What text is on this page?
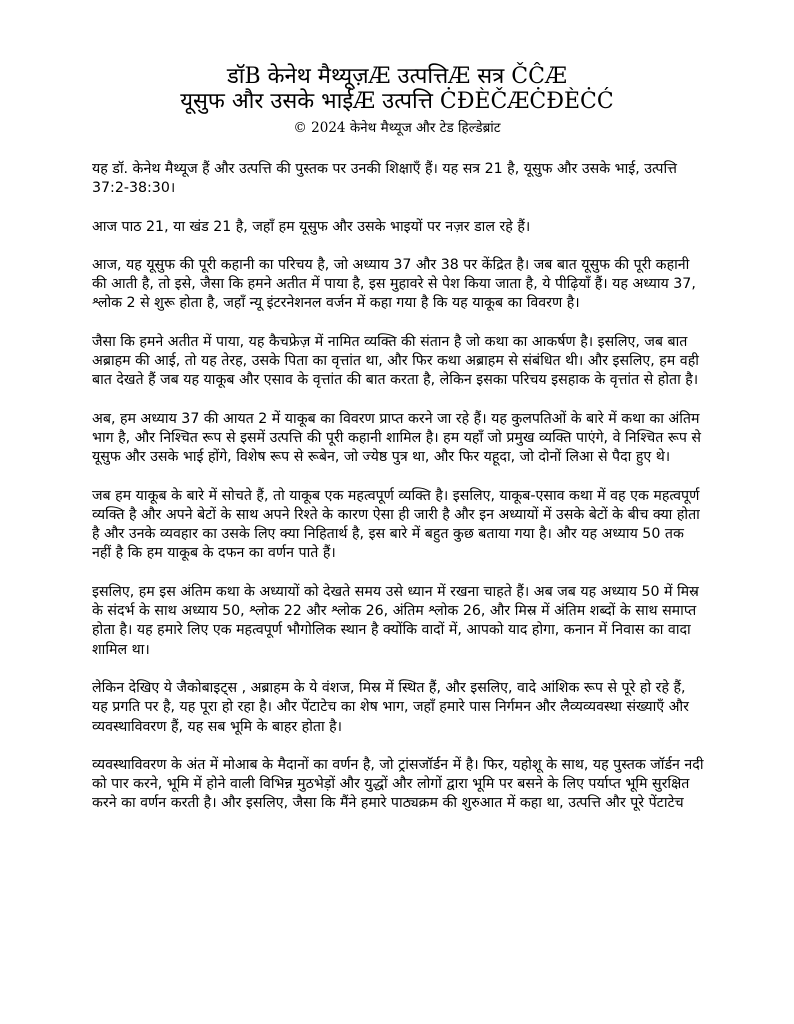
डॉB केनेथ मैथ्यूज़Æ उत्पत्तिÆ सत्र ČĈÆ
यूसुफ और उसके भाईÆ उत्पत्ति ĊĐÈČÆĊĐÈĊĆ
© 2024 केनेथ मैथ्यूज और टेड हिल्डेब्रांट

यह डॉ. केनेथ मैथ्यूज हैं और उत्पत्ति की पुस्तक पर उनकी शिक्षाएँ हैं। यह सत्र 21 है, यूसुफ और उसके भाई, उत्पत्ति 37:2-38:30।

आज पाठ 21, या खंड 21 है, जहाँ हम यूसुफ और उसके भाइयों पर नज़र डाल रहे हैं।

आज, यह यूसुफ की पूरी कहानी का परिचय है, जो अध्याय 37 और 38 पर केंद्रित है। जब बात यूसुफ की पूरी कहानी की आती है, तो इसे, जैसा कि हमने अतीत में पाया है, इस मुहावरे से पेश किया जाता है, ये पीढ़ियाँ हैं। यह अध्याय 37, श्लोक 2 से शुरू होता है, जहाँ न्यू इंटरनेशनल वर्जन में कहा गया है कि यह याकूब का विवरण है।

जैसा कि हमने अतीत में पाया, यह कैचफ्रेज़ में नामित व्यक्ति की संतान है जो कथा का आकर्षण है। इसलिए, जब बात अब्राहम की आई, तो यह तेरह, उसके पिता का वृत्तांत था, और फिर कथा अब्राहम से संबंधित थी। और इसलिए, हम वही बात देखते हैं जब यह याकूब और एसाव के वृत्तांत की बात करता है, लेकिन इसका परिचय इसहाक के वृत्तांत से होता है।

अब, हम अध्याय 37 की आयत 2 में याकूब का विवरण प्राप्त करने जा रहे हैं। यह कुलपतिओं के बारे में कथा का अंतिम भाग है, और निश्चित रूप से इसमें उत्पत्ति की पूरी कहानी शामिल है। हम यहाँ जो प्रमुख व्यक्ति पाएंगे, वे निश्चित रूप से यूसुफ और उसके भाई होंगे, विशेष रूप से रूबेन, जो ज्येष्ठ पुत्र था, और फिर यहूदा, जो दोनों लिआ से पैदा हुए थे।

जब हम याकूब के बारे में सोचते हैं, तो याकूब एक महत्वपूर्ण व्यक्ति है। इसलिए, याकूब-एसाव कथा में वह एक महत्वपूर्ण व्यक्ति है और अपने बेटों के साथ अपने रिश्ते के कारण ऐसा ही जारी है और इन अध्यायों में उसके बेटों के बीच क्या होता है और उनके व्यवहार का उसके लिए क्या निहितार्थ है, इस बारे में बहुत कुछ बताया गया है। और यह अध्याय 50 तक नहीं है कि हम याकूब के दफन का वर्णन पाते हैं।

इसलिए, हम इस अंतिम कथा के अध्यायों को देखते समय उसे ध्यान में रखना चाहते हैं। अब जब यह अध्याय 50 में मिस्र के संदर्भ के साथ अध्याय 50, श्लोक 22 और श्लोक 26, अंतिम श्लोक 26, और मिस्र में अंतिम शब्दों के साथ समाप्त होता है। यह हमारे लिए एक महत्वपूर्ण भौगोलिक स्थान है क्योंकि वादों में, आपको याद होगा, कनान में निवास का वादा शामिल था।

लेकिन देखिए ये जैकोबाइट्स , अब्राहम के ये वंशज, मिस्र में स्थित हैं, और इसलिए, वादे आंशिक रूप से पूरे हो रहे हैं, यह प्रगति पर है, यह पूरा हो रहा है। और पेंटाटेच का शेष भाग, जहाँ हमारे पास निर्गमन और लैव्यव्यवस्था संख्याएँ और व्यवस्थाविवरण हैं, यह सब भूमि के बाहर होता है।

व्यवस्थाविवरण के अंत में मोआब के मैदानों का वर्णन है, जो ट्रांसजॉर्डन में है। फिर, यहोशू के साथ, यह पुस्तक जॉर्डन नदी को पार करने, भूमि में होने वाली विभिन्न मुठभेड़ों और युद्धों और लोगों द्वारा भूमि पर बसने के लिए पर्याप्त भूमि सुरक्षित करने का वर्णन करती है। और इसलिए, जैसा कि मैंने हमारे पाठ्यक्रम की शुरुआत में कहा था, उत्पत्ति और पूरे पेंटाटेच
